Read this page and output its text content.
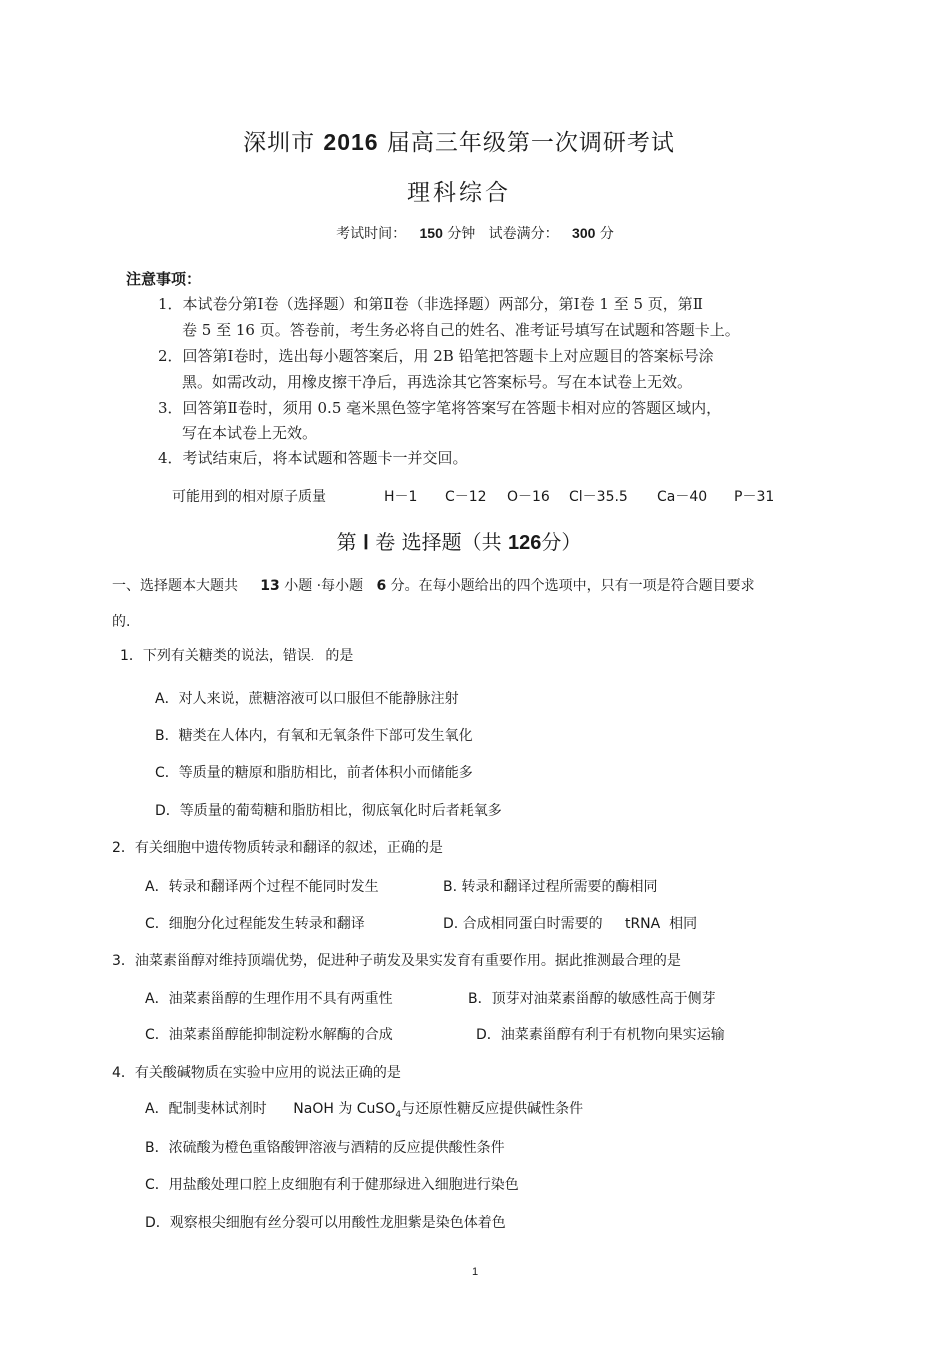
深圳市 2016 届高三年级第一次调研考试
理科综合
考试时间： 150 分钟 试卷满分： 300 分
注意事项：
1．本试卷分第Ⅰ卷（选择题）和第Ⅱ卷（非选择题）两部分，第Ⅰ卷 1 至 5 页，第Ⅱ
卷 5 至 16 页。答卷前，考生务必将自己的姓名、准考证号填写在试题和答题卡上。
2．回答第Ⅰ卷时，选出每小题答案后，用 2B 铅笔把答题卡上对应题目的答案标号涂
黑。如需改动，用橡皮擦干净后，再选涂其它答案标号。写在本试卷上无效。
3．回答第Ⅱ卷时，须用 0.5 毫米黑色签字笔将答案写在答题卡相对应的答题区域内，
写在本试卷上无效。
4．考试结束后，将本试题和答题卡一并交回。
可能用到的相对原子质量	H－1 C－12 O－16 Cl－35.5 Ca－40 P－31
第 Ⅰ 卷 选择题（共 126分）
一、选择题本大题共 13 小题 ·每小题 6 分。在每小题给出的四个选项中，只有一项是符合题目要求
的.
1．下列有关糖类的说法，错误． 的是
A．对人来说，蔗糖溶液可以口服但不能静脉注射
B．糖类在人体内，有氧和无氧条件下部可发生氧化
C．等质量的糖原和脂肪相比，前者体积小而储能多
D．等质量的葡萄糖和脂肪相比，彻底氧化时后者耗氧多
2．有关细胞中遗传物质转录和翻译的叙述，正确的是
A．转录和翻译两个过程不能同时发生	B. 转录和翻译过程所需要的酶相同
C．细胞分化过程能发生转录和翻译	D. 合成相同蛋白时需要的 tRNA 相同
3．油菜素甾醇对维持顶端优势，促进种子萌发及果实发育有重要作用。据此推测最合理的是
A．油菜素甾醇的生理作用不具有两重性	B．顶芽对油菜素甾醇的敏感性高于侧芽
C．油菜素甾醇能抑制淀粉水解酶的合成	D．油菜素甾醇有利于有机物向果实运输
4．有关酸碱物质在实验中应用的说法正确的是
A．配制斐林试剂时 NaOH 为 CuSO$_4$与还原性糖反应提供碱性条件
B．浓硫酸为橙色重铬酸钾溶液与酒精的反应提供酸性条件
C．用盐酸处理口腔上皮细胞有利于健那绿进入细胞进行染色
D．观察根尖细胞有丝分裂可以用酸性龙胆紫是染色体着色
1
